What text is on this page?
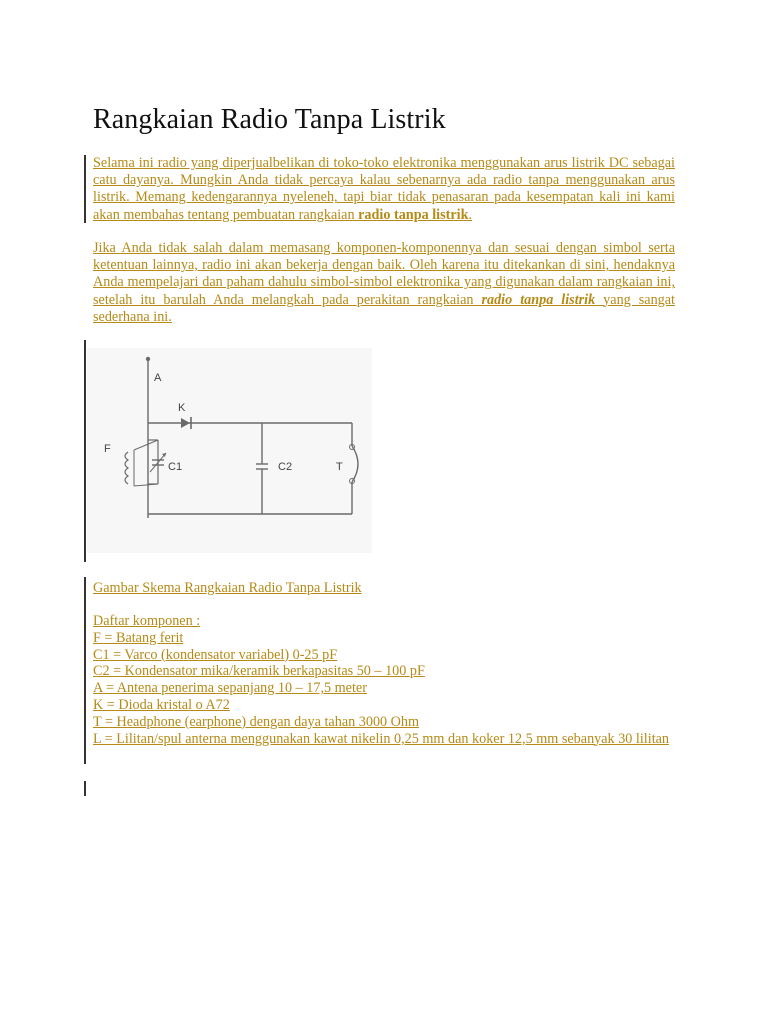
Rangkaian Radio Tanpa Listrik

Selama ini radio yang diperjualbelikan di toko-toko elektronika menggunakan arus listrik DC sebagai catu dayanya. Mungkin Anda tidak percaya kalau sebenarnya ada radio tanpa menggunakan arus listrik. Memang kedengarannya nyeleneh, tapi biar tidak penasaran pada kesempatan kali ini kami akan membahas tentang pembuatan rangkaian radio tanpa listrik.

Jika Anda tidak salah dalam memasang komponen-komponennya dan sesuai dengan simbol serta ketentuan lainnya, radio ini akan bekerja dengan baik. Oleh karena itu ditekankan di sini, hendaknya Anda mempelajari dan paham dahulu simbol-simbol elektronika yang digunakan dalam rangkaian ini, setelah itu barulah Anda melangkah pada perakitan rangkaian radio tanpa listrik yang sangat sederhana ini.

A
K
F
C1	C2	T

Gambar Skema Rangkaian Radio Tanpa Listrik

Daftar komponen :
F = Batang ferit
C1 = Varco (kondensator variabel) 0-25 pF
C2 = Kondensator mika/keramik berkapasitas 50 – 100 pF
A = Antena penerima sepanjang 10 – 17,5 meter
K = Dioda kristal o A72
T = Headphone (earphone) dengan daya tahan 3000 Ohm
L = Lilitan/spul anterna menggunakan kawat nikelin 0,25 mm dan koker 12,5 mm sebanyak 30 lilitan
